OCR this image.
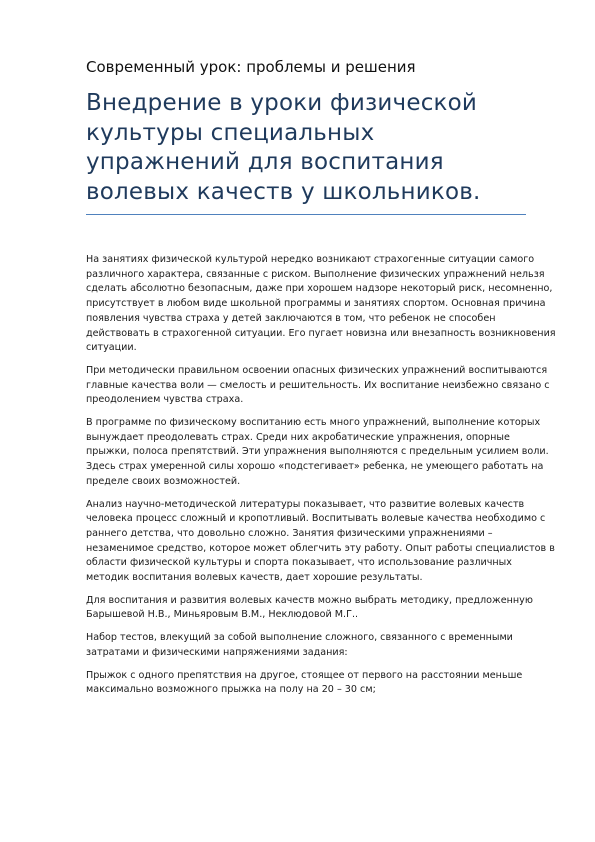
Современный урок: проблемы и решения
Внедрение в уроки физической
культуры специальных
упражнений для воспитания
волевых качеств у школьников.

На занятиях физической культурой нередко возникают страхогенные ситуации самого различного характера, связанные с риском. Выполнение физических упражнений нельзя сделать абсолютно безопасным, даже при хорошем надзоре некоторый риск, несомненно, присутствует в любом виде школьной программы и занятиях спортом. Основная причина появления чувства страха у детей заключаются в том, что ребенок не способен действовать в страхогенной ситуации. Его пугает новизна или внезапность возникновения ситуации.

При методически правильном освоении опасных физических упражнений воспитываются главные качества воли — смелость и решительность. Их воспитание неизбежно связано с преодолением чувства страха.

В программе по физическому воспитанию есть много упражнений, выполнение которых вынуждает преодолевать страх. Среди них акробатические упражнения, опорные прыжки, полоса препятствий. Эти упражнения выполняются с предельным усилием воли. Здесь страх умеренной силы хорошо «подстегивает» ребенка, не умеющего работать на пределе своих возможностей.

Анализ научно-методической литературы показывает, что развитие волевых качеств человека процесс сложный и кропотливый. Воспитывать волевые качества необходимо с раннего детства, что довольно сложно. Занятия физическими упражнениями – незаменимое средство, которое может облегчить эту работу. Опыт работы специалистов в области физической культуры и спорта показывает, что использование различных методик воспитания волевых качеств, дает хорошие результаты.

Для воспитания и развития волевых качеств можно выбрать методику, предложенную Барышевой Н.В., Миньяровым В.М., Неклюдовой М.Г..

Набор тестов, влекущий за собой выполнение сложного, связанного с временными затратами и физическими напряжениями задания:

Прыжок с одного препятствия на другое, стоящее от первого на расстоянии меньше максимально возможного прыжка на полу на 20 – 30 см;
